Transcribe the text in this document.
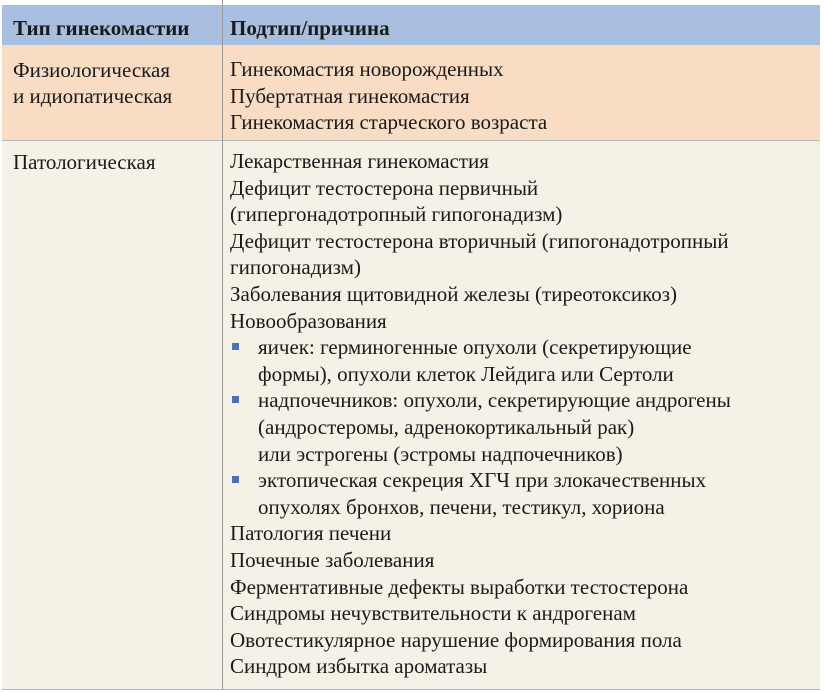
Тип гинекомастии Подтип/причина
Физиологическая
и идиопатическая
Гинекомастия новорожденных
Пубертатная гинекомастия
Гинекомастия старческого возраста
Патологическая	Лекарственная гинекомастия
Дефицит тестостерона первичный
(гипергонадотропный гипогонадизм)
Дефицит тестостерона вторичный (гипогонадотропный
гипогонадизм)
Заболевания щитовидной железы (тиреотоксикоз)
Новообразования
яичек: герминогенные опухоли (секретирующие
формы), опухоли клеток Лейдига или Сертоли
надпочечников: опухоли, секретирующие андрогены
(андростеромы, адренокортикальный рак)
или эстрогены (эстромы надпочечников)
эктопическая секреция ХГЧ при злокачественных
опухолях бронхов, печени, тестикул, хориона
Патология печени
Почечные заболевания
Ферментативные дефекты выработки тестостерона
Синдромы нечувствительности к андрогенам
Овотестикулярное нарушение формирования пола
Синдром избытка ароматазы
